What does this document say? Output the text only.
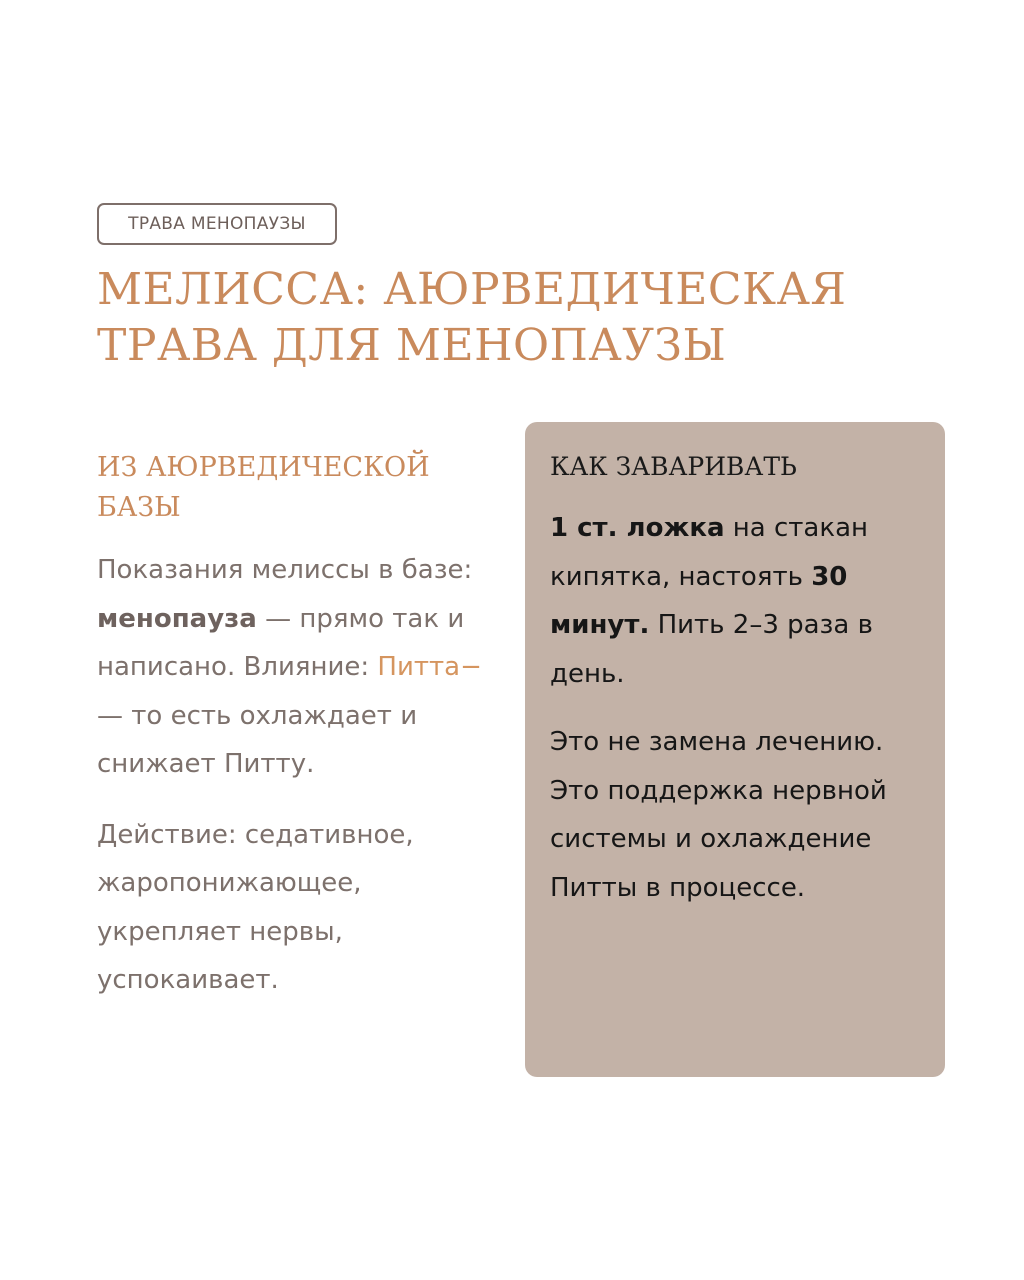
ТРАВА МЕНОПАУЗЫ
МЕЛИССА: АЮРВЕДИЧЕСКАЯ ТРАВА ДЛЯ МЕНОПАУЗЫ
ИЗ АЮРВЕДИЧЕСКОЙ БАЗЫ

Показания мелиссы в базе: менопауза — прямо так и написано. Влияние: Питта− — то есть охлаждает и снижает Питту.

Действие: седативное, жаропонижающее, укрепляет нервы, успокаивает.

КАК ЗАВАРИВАТЬ

1 ст. ложка на стакан кипятка, настоять 30 минут. Пить 2–3 раза в день.

Это не замена лечению. Это поддержка нервной системы и охлаждение Питты в процессе.
